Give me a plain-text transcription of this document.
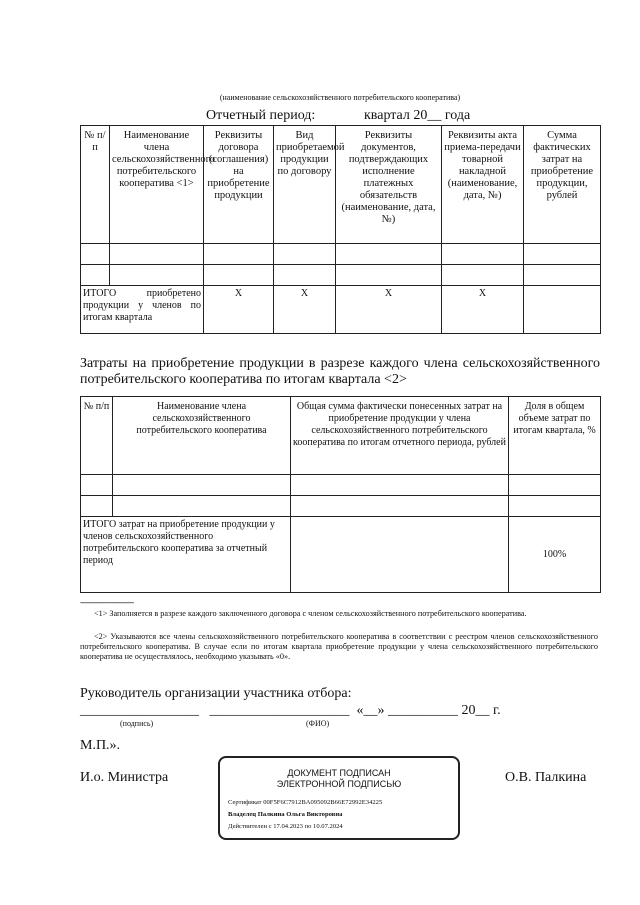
(наименование сельскохозяйственного потребительского кооператива)
Отчетный период:	квартал 20__ года
№ п/п	Наименование члена сельскохозяйственного потребительского кооператива <1>	Реквизиты договора (соглашения) на приобретение продукции	Вид приобретаемой продукции по договору	Реквизиты документов, подтверждающих исполнение платежных обязательств (наименование, дата, №)	Реквизиты акта приема-передачи товарной накладной (наименование, дата, №)	Сумма фактических затрат на приобретение продукции, рублей

ИТОГО приобретено продукции у членов по итогам квартала		X	X	X	X	
Затраты на приобретение продукции в разрезе каждого члена сельскохозяйственного потребительского кооператива по итогам квартала <2>
№ п/п	Наименование члена сельскохозяйственного потребительского кооператива	Общая сумма фактически понесенных затрат на приобретение продукции у члена сельскохозяйственного потребительского кооператива по итогам отчетного периода, рублей	Доля в общем объеме затрат по итогам квартала, %

ИТОГО затрат на приобретение продукции у членов сельскохозяйственного потребительского кооператива за отчетный период			100%
--------------------------------
<1> Заполняется в разрезе каждого заключенного договора с членом сельскохозяйственного потребительского кооператива.
<2> Указываются все члены сельскохозяйственного потребительского кооператива в соответствии с реестром членов сельскохозяйственного потребительского кооператива. В случае если по итогам квартала приобретение продукции у члена сельскохозяйственного потребительского кооператива не осуществлялось, необходимо указывать «0».
Руководитель организации участника отбора:
_________________   ____________________  «__» __________ 20__ г.
(подпись)	(ФИО)
М.П.».
И.о. Министра	О.В. Палкина
ДОКУМЕНТ ПОДПИСАН
ЭЛЕКТРОННОЙ ПОДПИСЬЮ
Сертификат 00F5F6C7912BA095092B66E72992E34225
Владелец Палкина Ольга Викторовна
Действителен с 17.04.2023 по 10.07.2024
